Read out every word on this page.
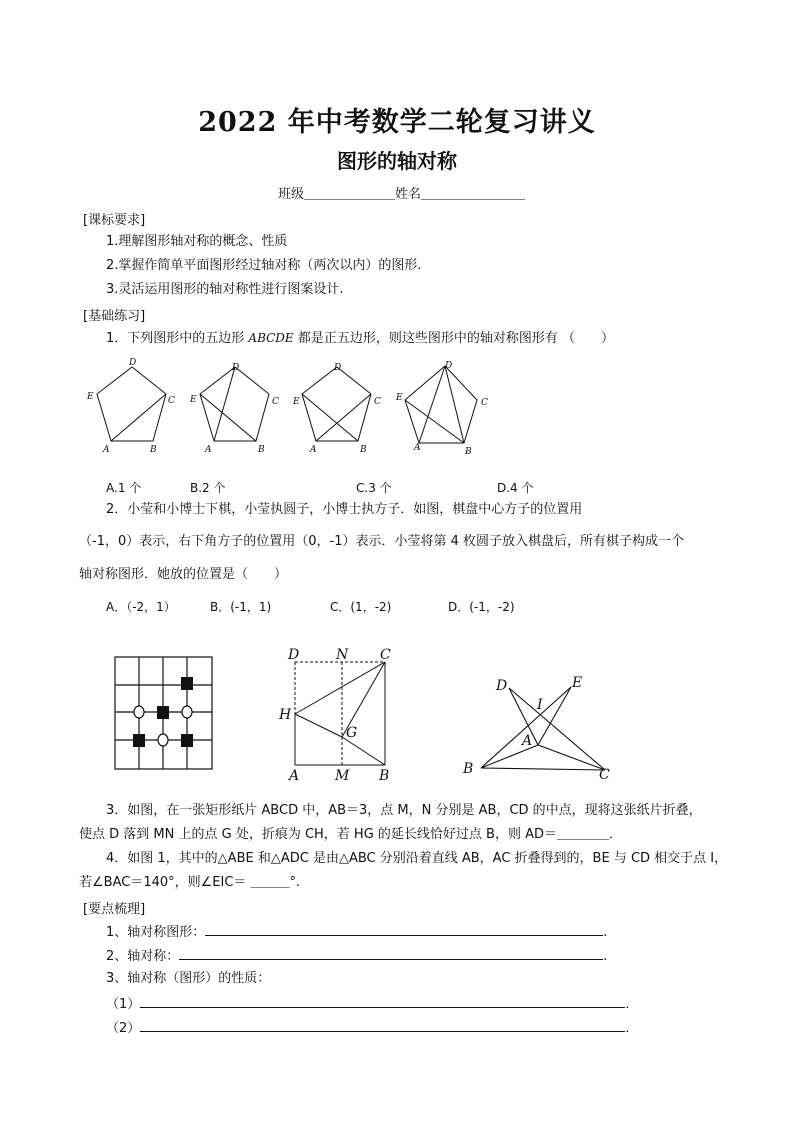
2022 年中考数学二轮复习讲义
图形的轴对称
班级＿＿＿＿＿＿＿姓名＿＿＿＿＿＿＿＿
[课标要求]
1.理解图形轴对称的概念、性质
2.掌握作简单平面图形经过轴对称（两次以内）的图形.
3.灵活运用图形的轴对称性进行图案设计.
[基础练习]
1．下列图形中的五边形 ABCDE 都是正五边形，则这些图形中的轴对称图形有 （　　）
D
C
B
A
E
D
C
B
A
E
D
C
B
A
E
D
C
B
A
E
A.1 个	B.2 个	C.3 个	D.4 个
2．小莹和小博士下棋，小莹执圆子，小博士执方子．如图，棋盘中心方子的位置用
（-1，0）表示，右下角方子的位置用（0，-1）表示．小莹将第 4 枚圆子放入棋盘后，所有棋子构成一个
轴对称图形．她放的位置是（　　）
A．（-2，1）	B．(-1，1)	C．(1，-2)	D．(-1，-2)
D	N C
H
G
A	M B
D	E
I
A
B	C
3．如图，在一张矩形纸片 ABCD 中，AB＝3，点 M，N 分别是 AB，CD 的中点，现将这张纸片折叠，
使点 D 落到 MN 上的点 G 处，折痕为 CH，若 HG 的延长线恰好过点 B，则 AD＝＿＿＿＿．
4．如图 1，其中的△ABE 和△ADC 是由△ABC 分别沿着直线 AB，AC 折叠得到的，BE 与 CD 相交于点 I，
若∠BAC＝140°，则∠EIC＝ ＿＿＿°.
[要点梳理]
1、轴对称图形：	.
2、轴对称：	.
3、轴对称（图形）的性质：
（1）	.
（2）	.
